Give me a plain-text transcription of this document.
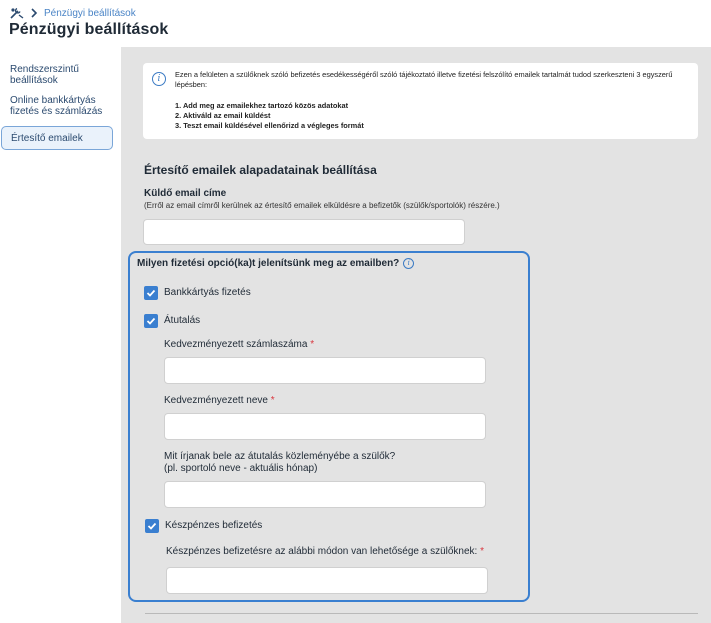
Pénzügyi beállítások
Pénzügyi beállítások
Rendszerszintű
beállítások
Online bankkártyás
fizetés és számlázás
Értesítő emailek
i	Ezen a felületen a szülőknek szóló befizetés esedékességéről szóló tájékoztató illetve fizetési felszólító emailek tartalmát tudod szerkeszteni 3 egyszerű lépésben:
1. Add meg az emailekhez tartozó közös adatokat
2. Aktiváld az email küldést
3. Teszt email küldésével ellenőrizd a végleges formát
Értesítő emailek alapadatainak beállítása
Küldő email címe
(Erről az email címről kerülnek az értesítő emailek elküldésre a befizetők (szülők/sportolók) részére.)
Milyen fizetési opció(ka)t jelenítsünk meg az emailben?	i
Bankkártyás fizetés
Átutalás
Kedvezményezett számlaszáma *
Kedvezményezett neve *
Mit írjanak bele az átutalás közleményébe a szülők?
(pl. sportoló neve - aktuális hónap)
Készpénzes befizetés
Készpénzes befizetésre az alábbi módon van lehetősége a szülőknek: *
